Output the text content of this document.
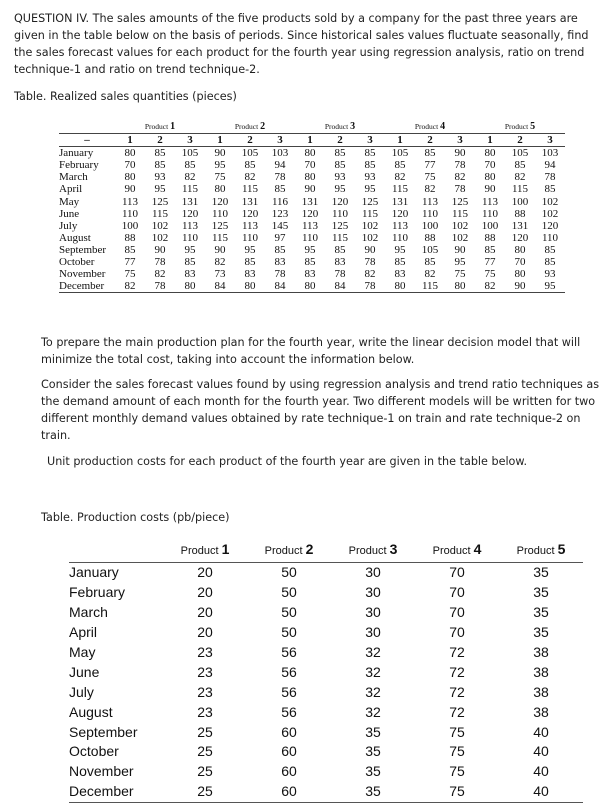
QUESTION IV. The sales amounts of the five products sold by a company for the past three years are given in the table below on the basis of periods. Since historical sales values fluctuate seasonally, find the sales forecast values for each product for the fourth year using regression analysis, ratio on trend technique-1 and ratio on trend technique-2.
Table. Realized sales quantities (pieces)
	Product 1			Product 2			Product 3			Product 4			Product 5		
–	1	2	3	1	2	3	1	2	3	1	2	3	1	2	3
January	80	85	105	90	105	103	80	85	85	105	85	90	80	105	103
February	70	85	85	95	85	94	70	85	85	85	77	78	70	85	94
March	80	93	82	75	82	78	80	93	93	82	75	82	80	82	78
April	90	95	115	80	115	85	90	95	95	115	82	78	90	115	85
May	113	125	131	120	131	116	131	120	125	131	113	125	113	100	102
June	110	115	120	110	120	123	120	110	115	120	110	115	110	88	102
July	100	102	113	125	113	145	113	125	102	113	100	102	100	131	120
August	88	102	110	115	110	97	110	115	102	110	88	102	88	120	110
September	85	90	95	90	95	85	95	85	90	95	105	90	85	80	85
October	77	78	85	82	85	83	85	83	78	85	85	95	77	70	85
November	75	82	83	73	83	78	83	78	82	83	82	75	75	80	93
December	82	78	80	84	80	84	80	84	78	80	115	80	82	90	95
To prepare the main production plan for the fourth year, write the linear decision model that will minimize the total cost, taking into account the information below.
Consider the sales forecast values found by using regression analysis and trend ratio techniques as the demand amount of each month for the fourth year. Two different models will be written for two different monthly demand values obtained by rate technique-1 on train and rate technique-2 on train.
Unit production costs for each product of the fourth year are given in the table below.
Table. Production costs (pb/piece)
	Product 1	Product 2	Product 3	Product 4	Product 5
January	20	50	30	70	35
February	20	50	30	70	35
March	20	50	30	70	35
April	20	50	30	70	35
May	23	56	32	72	38
June	23	56	32	72	38
July	23	56	32	72	38
August	23	56	32	72	38
September	25	60	35	75	40
October	25	60	35	75	40
November	25	60	35	75	40
December	25	60	35	75	40
